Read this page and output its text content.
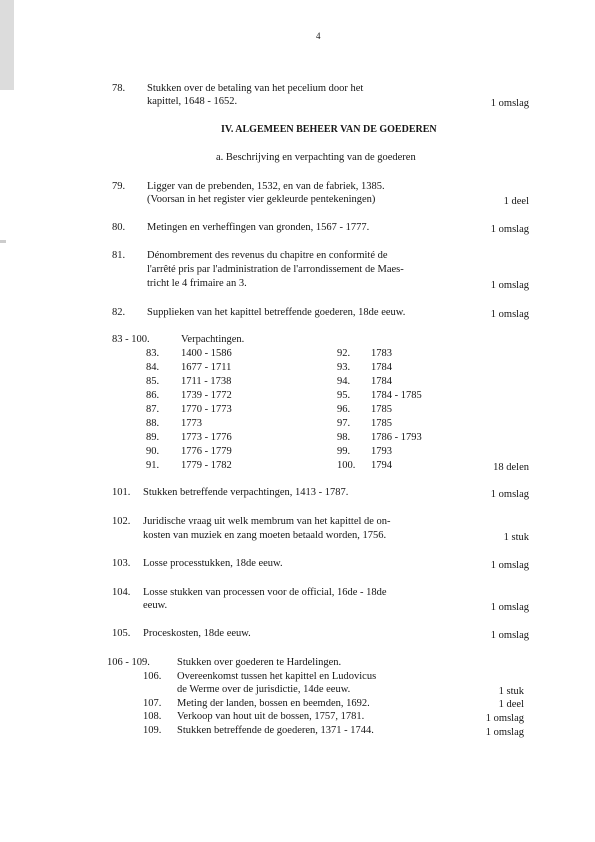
4
78. Stukken over de betaling van het pecelium door het
kapittel, 1648 - 1652.	1 omslag
IV. ALGEMEEN BEHEER VAN DE GOEDEREN
a. Beschrijving en verpachting van de goederen
79. Ligger van de prebenden, 1532, en van de fabriek, 1385.
(Voorsan in het register vier gekleurde pentekeningen)	1 deel
80. Metingen en verheffingen van gronden, 1567 - 1777.	1 omslag
81. Dénombrement des revenus du chapitre en conformité de
l'arrêté pris par l'administration de l'arrondissement de Maes-
tricht le 4 frimaire an 3.	1 omslag
82. Supplieken van het kapittel betreffende goederen, 18de eeuw.	1 omslag
83 - 100.	Verpachtingen.
83. 1400 - 1586
84. 1677 - 1711
85. 1711 - 1738
86. 1739 - 1772
87. 1770 - 1773
88. 1773
89. 1773 - 1776
90. 1776 - 1779
91. 1779 - 1782
92. 1783
93. 1784
94. 1784
95. 1784 - 1785
96. 1785
97. 1785
98. 1786 - 1793
99. 1793
100. 1794	18 delen
101. Stukken betreffende verpachtingen, 1413 - 1787.	1 omslag
102. Juridische vraag uit welk membrum van het kapittel de on-
kosten van muziek en zang moeten betaald worden, 1756.	1 stuk
103. Losse processtukken, 18de eeuw.	1 omslag
104. Losse stukken van processen voor de official, 16de - 18de
eeuw.	1 omslag
105. Proceskosten, 18de eeuw.	1 omslag
106 - 109.	Stukken over goederen te Hardelingen.
106. Overeenkomst tussen het kapittel en Ludovicus
de Werme over de jurisdictie, 14de eeuw.	1 stuk
107. Meting der landen, bossen en beemden, 1692.	1 deel
108. Verkoop van hout uit de bossen, 1757, 1781.	1 omslag
109. Stukken betreffende de goederen, 1371 - 1744.	1 omslag
